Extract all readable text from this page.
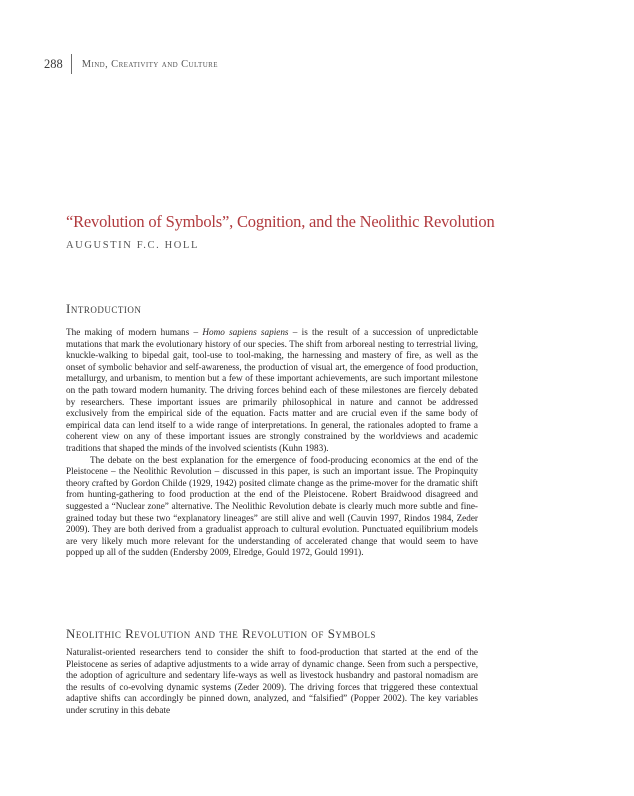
288 Mind, Creativity and Culture
“Revolution of Symbols”, Cognition, and the Neolithic Revolution
AUGUSTIN F.C. HOLL
Introduction

The making of modern humans – Homo sapiens sapiens – is the result of a succession of unpredictable mutations that mark the evolutionary history of our species. The shift from arboreal nesting to terrestrial living, knuckle-walking to bipedal gait, tool-use to tool-making, the harnessing and mastery of fire, as well as the onset of symbolic behavior and self-awareness, the production of visual art, the emergence of food production, metallurgy, and urbanism, to mention but a few of these important achievements, are such important milestone on the path toward modern humanity. The driving forces behind each of these milestones are fiercely debated by researchers. These important issues are primarily philosophical in nature and cannot be addressed exclusively from the empirical side of the equation. Facts matter and are crucial even if the same body of empirical data can lend itself to a wide range of interpretations. In general, the rationales adopted to frame a coherent view on any of these important issues are strongly constrained by the worldviews and academic traditions that shaped the minds of the involved scientists (Kuhn 1983).

The debate on the best explanation for the emergence of food-producing economics at the end of the Pleistocene – the Neolithic Revolution – discussed in this paper, is such an important issue. The Propinquity theory crafted by Gordon Childe (1929, 1942) posited climate change as the prime-mover for the dramatic shift from hunting-gathering to food production at the end of the Pleistocene. Robert Braidwood disagreed and suggested a “Nuclear zone” alternative. The Neolithic Revolution debate is clearly much more subtle and fine-grained today but these two “explanatory lineages” are still alive and well (Cauvin 1997, Rindos 1984, Zeder 2009). They are both derived from a gradualist approach to cultural evolution. Punctuated equilibrium models are very likely much more relevant for the understanding of accelerated change that would seem to have popped up all of the sudden (Endersby 2009, Elredge, Gould 1972, Gould 1991).

Neolithic Revolution and the Revolution of Symbols

Naturalist-oriented researchers tend to consider the shift to food-production that started at the end of the Pleistocene as series of adaptive adjustments to a wide array of dynamic change. Seen from such a perspective, the adoption of agriculture and sedentary life-ways as well as livestock husbandry and pastoral nomadism are the results of co-evolving dynamic systems (Zeder 2009). The driving forces that triggered these contextual adaptive shifts can accordingly be pinned down, analyzed, and “falsified” (Popper 2002). The key variables under scrutiny in this debate
